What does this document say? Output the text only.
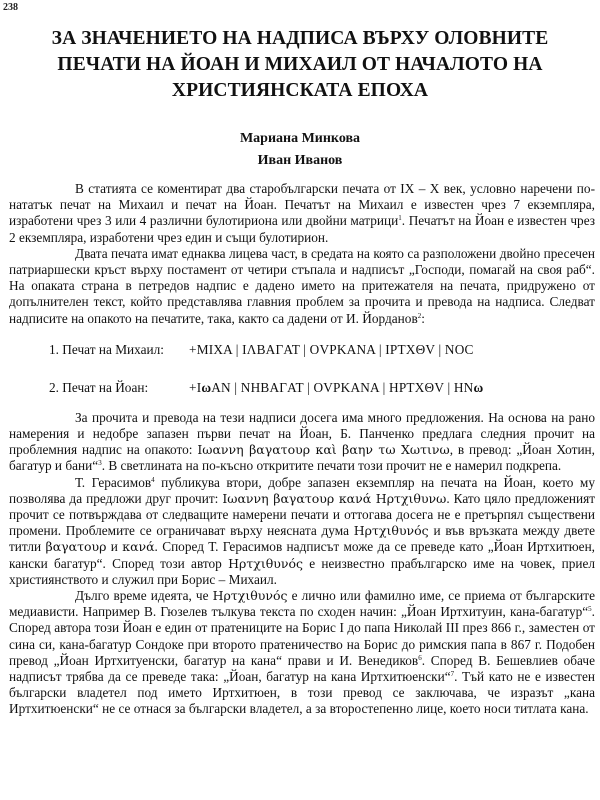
238
ЗА ЗНАЧЕНИЕТО НА НАДПИСА ВЪРХУ ОЛОВНИТЕ
ПЕЧАТИ НА ЙОАН И МИХАИЛ ОТ НАЧАЛОТО НА
ХРИСТИЯНСКАТА ЕПОХА
Мариана Минкова
Иван Иванов

В статията се коментират два старобългарски печата от IX – X век, условно наречени по-нататък печат на Михаил и печат на Йоан. Печатът на Михаил е известен чрез 7 екземпляра, изработени чрез 3 или 4 различни булотириона или двойни матрици$^1$. Печатът на Йоан е известен чрез 2 екземпляра, изработени чрез един и същи булотирион.

Двата печата имат еднаква лицева част, в средата на която са разположени двойно пресечен патриаршески кръст върху постамент от четири стъпала и надписът „Господи, помагай на своя раб“. На опаката страна в петредов надпис е дадено името на притежателя на печата, придружено от допълнителен текст, който представлява главния проблем за прочита и превода на надписа. Следват надписите на опакото на печатите, така, както са дадени от И. Йорданов$^2$:

1. Печат на Михаил:	+MIXA | IΛBAΓAT | OVPKANA | IPTXΘV | NOC
2. Печат на Йоан:	+IωAN | NHBAΓAT | OVPKANA | HPTXΘV | HNω

За прочита и превода на тези надписи досега има много предложения. На основа на рано намерения и недобре запазен първи печат на Йоан, Б. Панченко предлага следния прочит на проблемния надпис на опакото: Ιωαννη βαγατουρ καὶ βαην τω Χωτινω, в превод: „Йоан Хотин, багатур и бани“$^3$. В светлината на по-късно откритите печати този прочит не е намерил подкрепа.

Т. Герасимов$^4$ публикува втори, добре запазен екземпляр на печата на Йоан, което му позволява да предложи друг прочит: Ιωαννη βαγατουρ κανά Ηρτχιθυνω. Като цяло предложеният прочит се потвърждава от следващите намерени печати и оттогава досега не е претърпял съществени промени. Проблемите се ограничават върху неясната дума Ηρτχιθυνός и във връзката между двете титли βαγατουρ и κανά. Според Т. Герасимов надписът може да се преведе като „Йоан Иртхитюен, кански багатур“. Според този автор Ηρτχιθυνός е неизвестно прабългарско име на човек, приел християнството и служил при Борис – Михаил.

Дълго време идеята, че Ηρτχιθυνός е лично или фамилно име, се приема от българските медиависти. Например В. Гюзелев тълкува текста по сходен начин: „Йоан Иртхитуин, кана-багатур“$^5$. Според автора този Йоан е един от пратениците на Борис I до папа Николай III през 866 г., заместен от сина си, кана-багатур Сондоке при второто пратеничество на Борис до римския папа в 867 г. Подобен превод „Йоан Иртхитуенски, багатур на кана“ прави и И. Венедиков$^6$. Според В. Бешевлиев обаче надписът трябва да се преведе така: „Йоан, багатур на кана Иртхитюенски“$^7$. Тъй като не е известен български владетел под името Иртхитюен, в този превод се заключава, че изразът „кана Иртхитюенски“ не се отнася за български владетел, а за второстепенно лице, което носи титлата кана.
